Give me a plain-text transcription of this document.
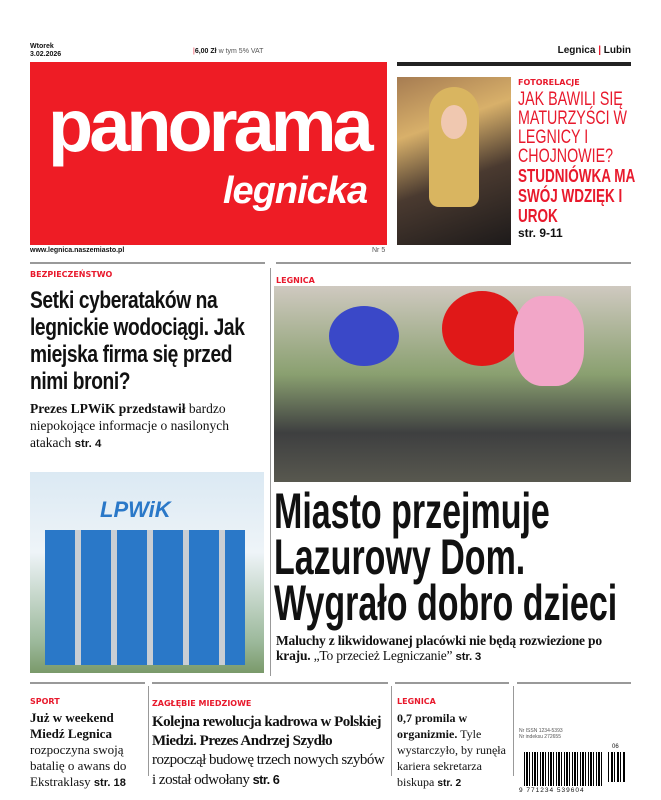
Wtorek
3.02.2026	|6,00 Zł w tym 5% VAT	Legnica | Lubin
panorama
legnicka
www.legnica.naszemiasto.pl	Nr 5
FOTORELACJE
JAK BAWILI SIĘ MATURZYŚCI W LEGNICY I CHOJNOWIE?
STUDNIÓWKA MA SWÓJ WDZIĘK I UROK
str. 9-11
BEZPIECZEŃSTWO
Setki cyberataków na legnickie wodociągi. Jak miejska firma się przed nimi broni?
Prezes LPWiK przedstawił bardzo niepokojące informacje o nasilonych atakach str. 4
LPWiK
LEGNICA
Miasto przejmuje Lazurowy Dom. Wygrało dobro dzieci
Maluchy z likwidowanej placówki nie będą rozwiezione po kraju. „To przecież Legniczanie” str. 3
SPORT
Już w weekend Miedź Legnica rozpoczyna swoją batalię o awans do Ekstraklasy str. 18
ZAGŁĘBIE MIEDZIOWE
Kolejna rewolucja kadrowa w Polskiej Miedzi. Prezes Andrzej Szydło rozpoczął budowę trzech nowych szybów i został odwołany str. 6
LEGNICA
0,7 promila w organizmie. Tyle wystarczyło, by runęła kariera sekretarza biskupa str. 2
Nr ISSN 1234-5393
Nr indeksu 272655
06
9 771234 539604
